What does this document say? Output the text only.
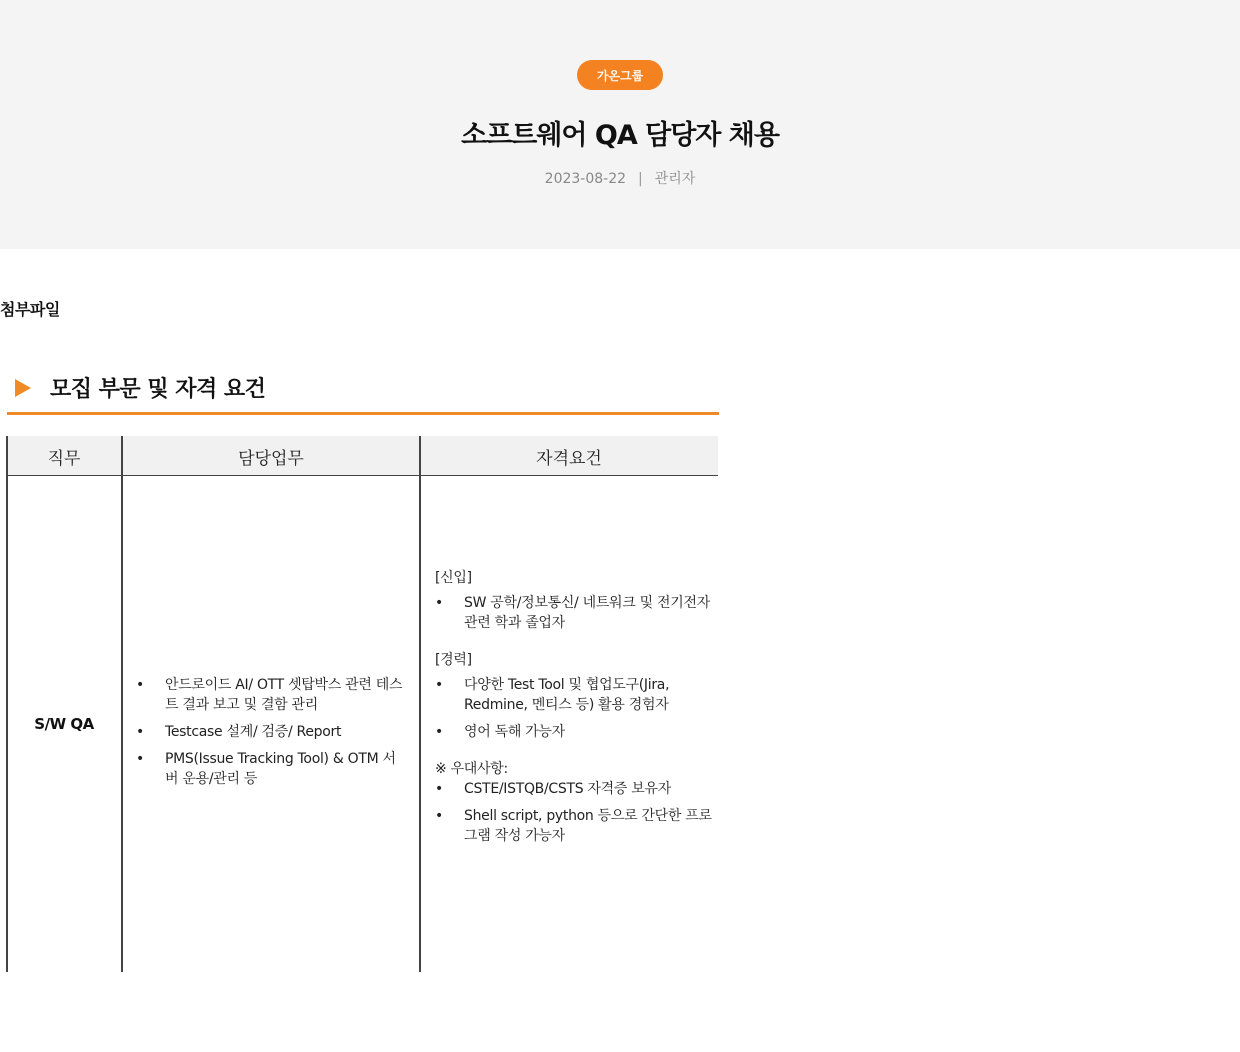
가온그룹
소프트웨어 QA 담당자 채용
2023-08-22 | 관리자
첨부파일
모집 부문 및 자격 요건
직무	담당업무	자격요건
S/W QA
• 안드로이드 AI/ OTT 셋탑박스 관련 테스트 결과 보고 및 결함 관리
• Testcase 설계/ 검증/ Report
• PMS(Issue Tracking Tool) & OTM 서버 운용/관리 등
[신입]
• SW 공학/정보통신/ 네트워크 및 전기전자 관련 학과 졸업자
[경력]
• 다양한 Test Tool 및 협업도구(Jira, Redmine, 멘티스 등) 활용 경험자
• 영어 독해 가능자
※ 우대사항:
• CSTE/ISTQB/CSTS 자격증 보유자
• Shell script, python 등으로 간단한 프로그램 작성 가능자
